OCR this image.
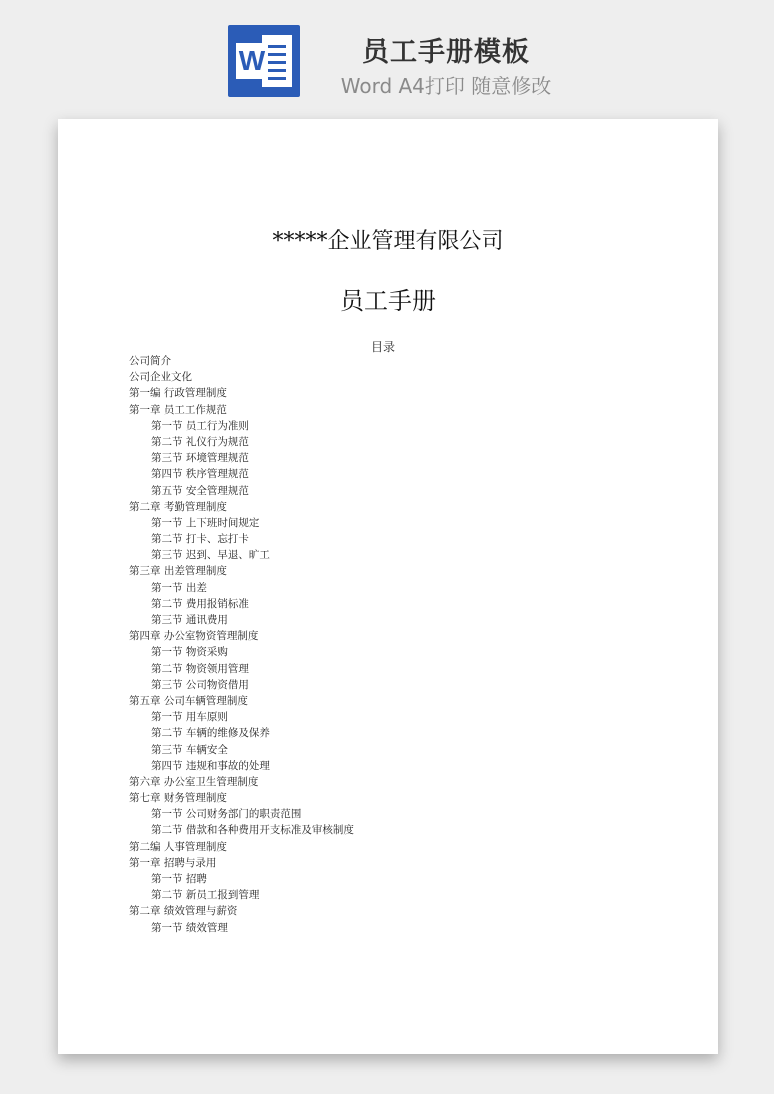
W	员工手册模板
Word A4打印 随意修改
​
*****企业管理有限公司
员工手册
目录
公司简介
公司企业文化
第一编 行政管理制度
第一章 员工工作规范
第一节 员工行为准则
第二节 礼仪行为规范
第三节 环境管理规范
第四节 秩序管理规范
第五节 安全管理规范
第二章 考勤管理制度
第一节 上下班时间规定
第二节 打卡、忘打卡
第三节 迟到、早退、旷工
第三章 出差管理制度
第一节 出差
第二节 费用报销标准
第三节 通讯费用
第四章 办公室物资管理制度
第一节 物资采购
第二节 物资领用管理
第三节 公司物资借用
第五章 公司车辆管理制度
第一节 用车原则
第二节 车辆的维修及保养
第三节 车辆安全
第四节 违规和事故的处理
第六章 办公室卫生管理制度
第七章 财务管理制度
第一节 公司财务部门的职责范围
第二节 借款和各种费用开支标准及审核制度
第二编 人事管理制度
第一章 招聘与录用
第一节 招聘
第二节 新员工报到管理
第二章 绩效管理与薪资
第一节 绩效管理
